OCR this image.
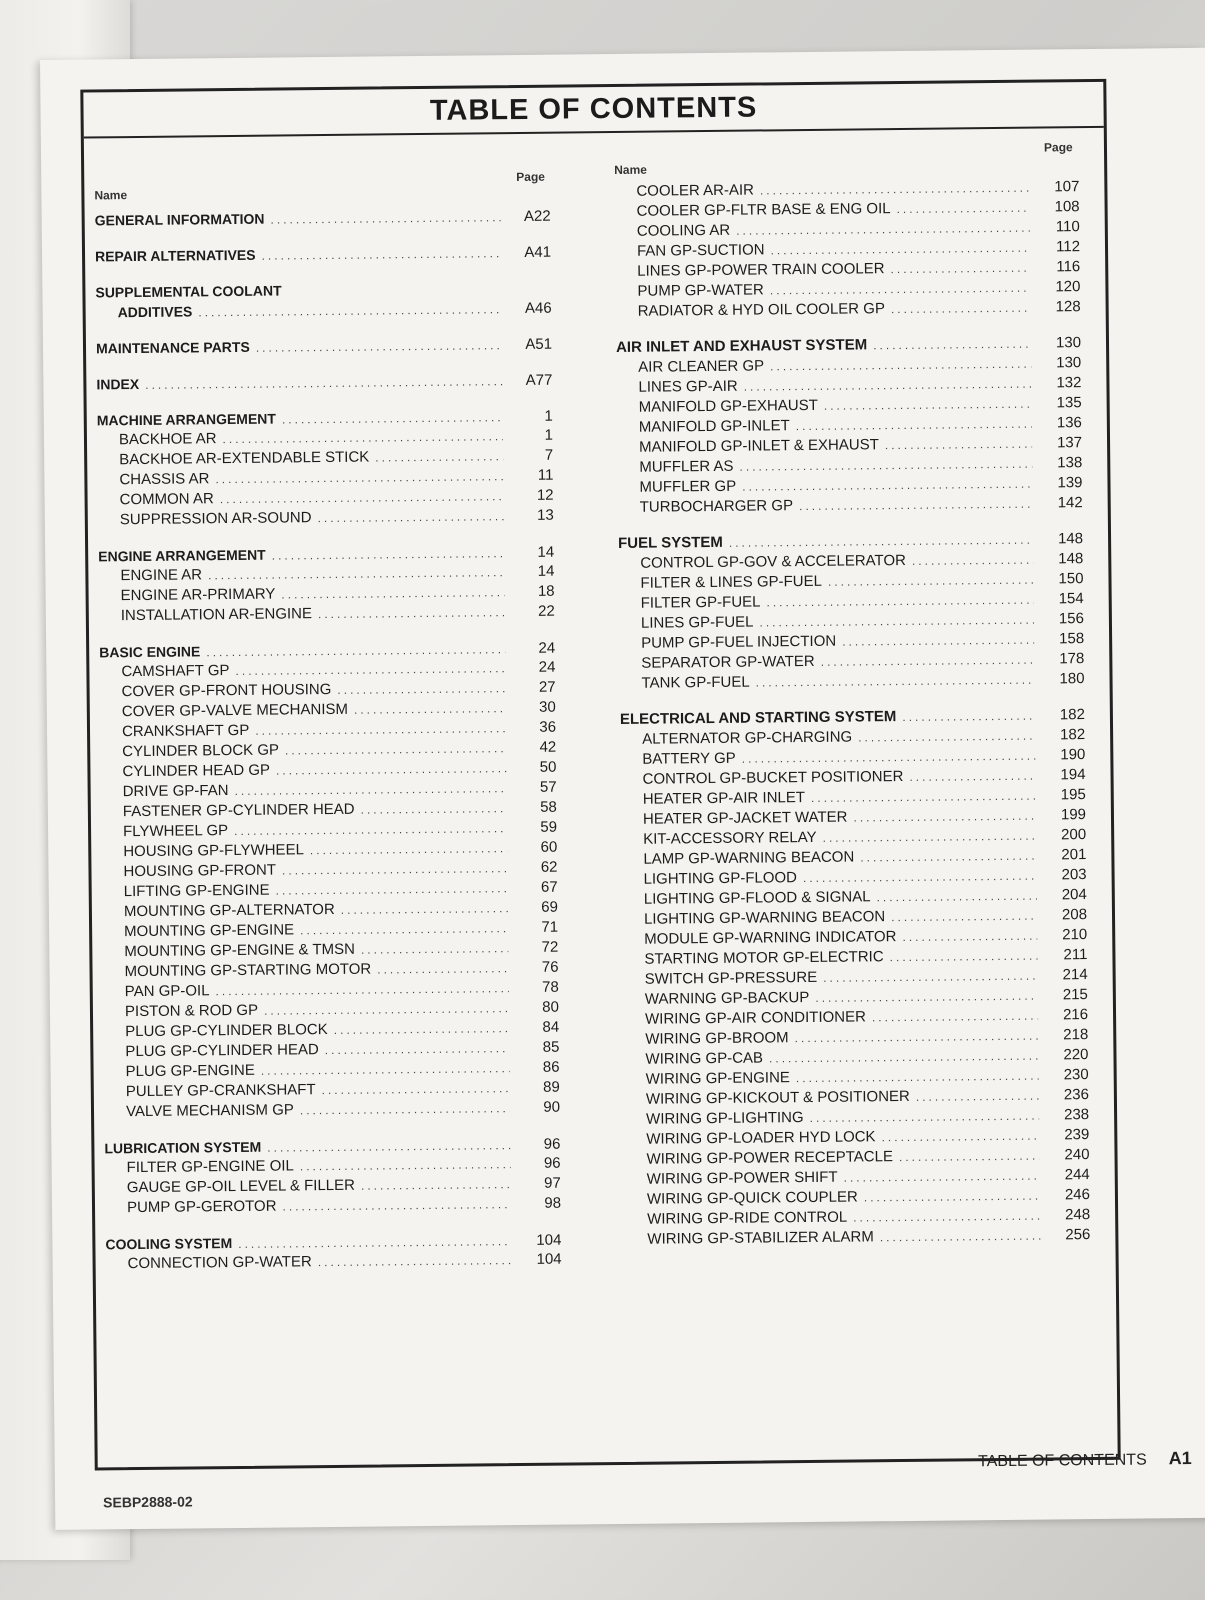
TABLE OF CONTENTS
Name
Page	Name
Page
GENERAL INFORMATION .....	A22
REPAIR ALTERNATIVES .....	A41
SUPPLEMENTAL COOLANT
ADDITIVES .....	A46
MAINTENANCE PARTS .....	A51
INDEX .....	A77
MACHINE ARRANGEMENT .....	1
BACKHOE AR .....	1
BACKHOE AR-EXTENDABLE STICK .....	7
CHASSIS AR .....	11
COMMON AR .....	12
SUPPRESSION AR-SOUND .....	13
ENGINE ARRANGEMENT .....	14
ENGINE AR .....	14
ENGINE AR-PRIMARY .....	18
INSTALLATION AR-ENGINE .....	22
BASIC ENGINE .....	24
CAMSHAFT GP .....	24
COVER GP-FRONT HOUSING .....	27
COVER GP-VALVE MECHANISM .....	30
CRANKSHAFT GP .....	36
CYLINDER BLOCK GP .....	42
CYLINDER HEAD GP .....	50
DRIVE GP-FAN .....	57
FASTENER GP-CYLINDER HEAD .....	58
FLYWHEEL GP .....	59
HOUSING GP-FLYWHEEL .....	60
HOUSING GP-FRONT .....	62
LIFTING GP-ENGINE .....	67
MOUNTING GP-ALTERNATOR .....	69
MOUNTING GP-ENGINE .....	71
MOUNTING GP-ENGINE & TMSN .....	72
MOUNTING GP-STARTING MOTOR .....	76
PAN GP-OIL .....	78
PISTON & ROD GP .....	80
PLUG GP-CYLINDER BLOCK .....	84
PLUG GP-CYLINDER HEAD .....	85
PLUG GP-ENGINE .....	86
PULLEY GP-CRANKSHAFT .....	89
VALVE MECHANISM GP .....	90
LUBRICATION SYSTEM .....	96
FILTER GP-ENGINE OIL .....	96
GAUGE GP-OIL LEVEL & FILLER .....	97
PUMP GP-GEROTOR .....	98
COOLING SYSTEM .....	104
CONNECTION GP-WATER .....	104
COOLER AR-AIR .....	107
COOLER GP-FLTR BASE & ENG OIL .....	108
COOLING AR .....	110
FAN GP-SUCTION .....	112
LINES GP-POWER TRAIN COOLER .....	116
PUMP GP-WATER .....	120
RADIATOR & HYD OIL COOLER GP .....	128
AIR INLET AND EXHAUST SYSTEM .....	130
AIR CLEANER GP .....	130
LINES GP-AIR .....	132
MANIFOLD GP-EXHAUST .....	135
MANIFOLD GP-INLET .....	136
MANIFOLD GP-INLET & EXHAUST .....	137
MUFFLER AS .....	138
MUFFLER GP .....	139
TURBOCHARGER GP .....	142
FUEL SYSTEM .....	148
CONTROL GP-GOV & ACCELERATOR .....	148
FILTER & LINES GP-FUEL .....	150
FILTER GP-FUEL .....	154
LINES GP-FUEL .....	156
PUMP GP-FUEL INJECTION .....	158
SEPARATOR GP-WATER .....	178
TANK GP-FUEL .....	180
ELECTRICAL AND STARTING SYSTEM .....	182
ALTERNATOR GP-CHARGING .....	182
BATTERY GP .....	190
CONTROL GP-BUCKET POSITIONER .....	194
HEATER GP-AIR INLET .....	195
HEATER GP-JACKET WATER .....	199
KIT-ACCESSORY RELAY .....	200
LAMP GP-WARNING BEACON .....	201
LIGHTING GP-FLOOD .....	203
LIGHTING GP-FLOOD & SIGNAL .....	204
LIGHTING GP-WARNING BEACON .....	208
MODULE GP-WARNING INDICATOR .....	210
STARTING MOTOR GP-ELECTRIC .....	211
SWITCH GP-PRESSURE .....	214
WARNING GP-BACKUP .....	215
WIRING GP-AIR CONDITIONER .....	216
WIRING GP-BROOM .....	218
WIRING GP-CAB .....	220
WIRING GP-ENGINE .....	230
WIRING GP-KICKOUT & POSITIONER .....	236
WIRING GP-LIGHTING .....	238
WIRING GP-LOADER HYD LOCK .....	239
WIRING GP-POWER RECEPTACLE .....	240
WIRING GP-POWER SHIFT .....	244
WIRING GP-QUICK COUPLER .....	246
WIRING GP-RIDE CONTROL .....	248
WIRING GP-STABILIZER ALARM .....	256
SEBP2888-02
TABLE OF CONTENTS A1
